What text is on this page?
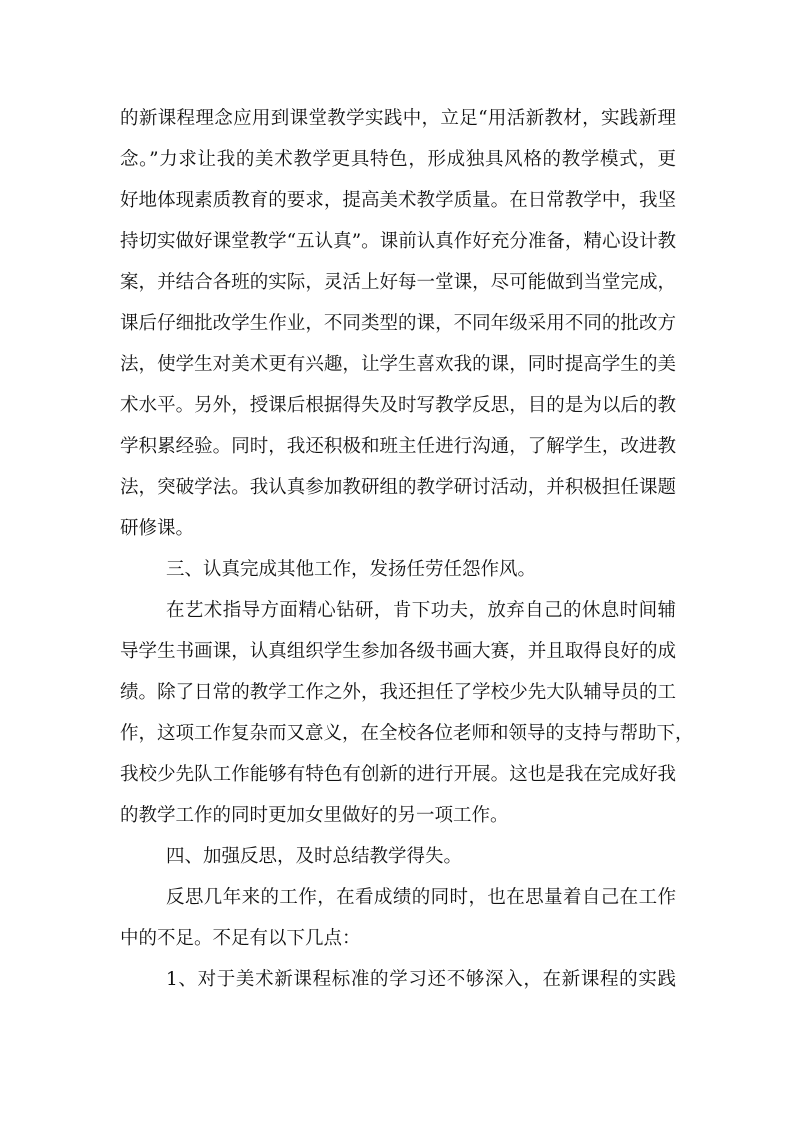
的新课程理念应用到课堂教学实践中，立足“用活新教材，实践新理
念。”力求让我的美术教学更具特色，形成独具风格的教学模式，更
好地体现素质教育的要求，提高美术教学质量。在日常教学中，我坚
持切实做好课堂教学“五认真”。课前认真作好充分准备，精心设计教
案，并结合各班的实际，灵活上好每一堂课，尽可能做到当堂完成，
课后仔细批改学生作业，不同类型的课，不同年级采用不同的批改方
法，使学生对美术更有兴趣，让学生喜欢我的课，同时提高学生的美
术水平。另外，授课后根据得失及时写教学反思，目的是为以后的教
学积累经验。同时，我还积极和班主任进行沟通，了解学生，改进教
法，突破学法。我认真参加教研组的教学研讨活动，并积极担任课题
研修课。
三、认真完成其他工作，发扬任劳任怨作风。
在艺术指导方面精心钻研，肯下功夫，放弃自己的休息时间辅
导学生书画课，认真组织学生参加各级书画大赛，并且取得良好的成
绩。除了日常的教学工作之外，我还担任了学校少先大队辅导员的工
作，这项工作复杂而又意义，在全校各位老师和领导的支持与帮助下，
我校少先队工作能够有特色有创新的进行开展。这也是我在完成好我
的教学工作的同时更加女里做好的另一项工作。
四、加强反思，及时总结教学得失。
反思几年来的工作，在看成绩的同时，也在思量着自己在工作
中的不足。不足有以下几点：
1、对于美术新课程标准的学习还不够深入，在新课程的实践
